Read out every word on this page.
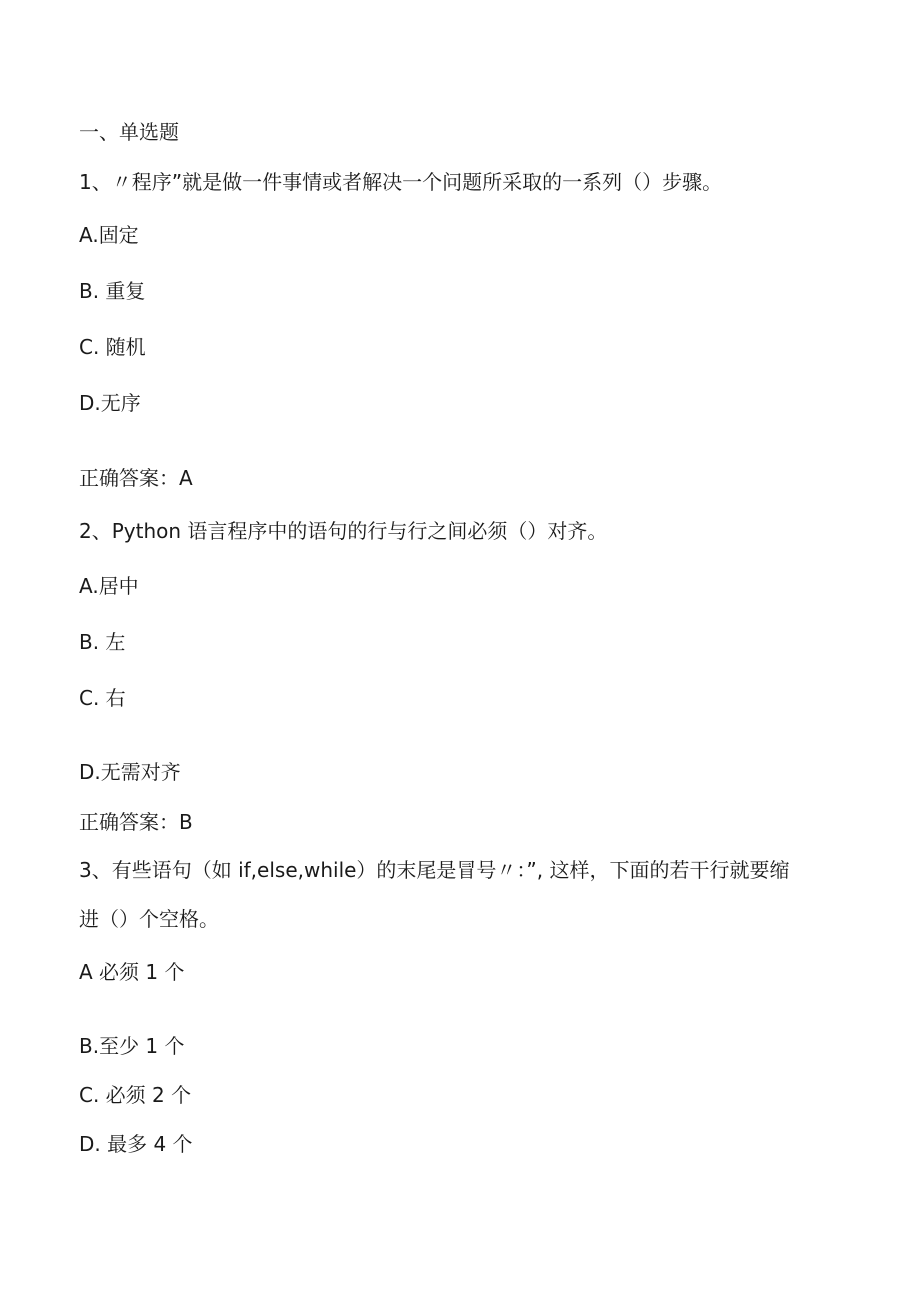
一、单选题
1、〃程序”就是做一件事情或者解决一个问题所采取的一系列（）步骤。
A.固定
B. 重复
C. 随机
D.无序
正确答案：A
2、Python 语言程序中的语句的行与行之间必须（）对齐。
A.居中
B. 左
C. 右
D.无需对齐
正确答案：B
3、有些语句（如 if,else,while）的末尾是冒号〃：”, 这样，下面的若干行就要缩
进（）个空格。
A 必须 1 个
B.至少 1 个
C. 必须 2 个
D. 最多 4 个
